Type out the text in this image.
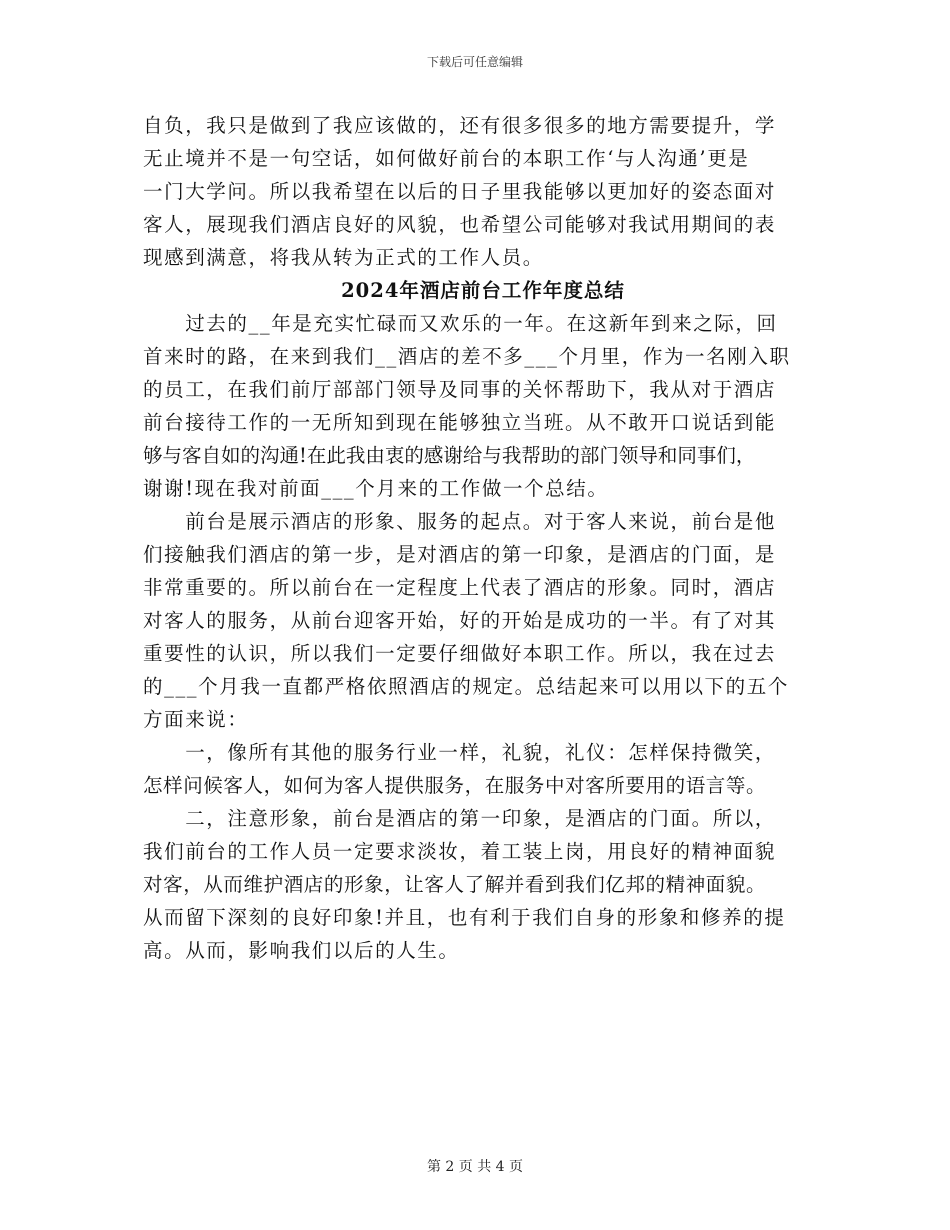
下载后可任意编辑
自负，我只是做到了我应该做的，还有很多很多的地方需要提升，学
无止境并不是一句空话，如何做好前台的本职工作‘与人沟通’更是
一门大学问。所以我希望在以后的日子里我能够以更加好的姿态面对
客人，展现我们酒店良好的风貌，也希望公司能够对我试用期间的表
现感到满意，将我从转为正式的工作人员。
2024年酒店前台工作年度总结
　　过去的__年是充实忙碌而又欢乐的一年。在这新年到来之际，回
首来时的路，在来到我们__酒店的差不多___个月里，作为一名刚入职
的员工，在我们前厅部部门领导及同事的关怀帮助下，我从对于酒店
前台接待工作的一无所知到现在能够独立当班。从不敢开口说话到能
够与客自如的沟通!在此我由衷的感谢给与我帮助的部门领导和同事们，
谢谢!现在我对前面___个月来的工作做一个总结。
　　前台是展示酒店的形象、服务的起点。对于客人来说，前台是他
们接触我们酒店的第一步，是对酒店的第一印象，是酒店的门面，是
非常重要的。所以前台在一定程度上代表了酒店的形象。同时，酒店
对客人的服务，从前台迎客开始，好的开始是成功的一半。有了对其
重要性的认识，所以我们一定要仔细做好本职工作。所以，我在过去
的___个月我一直都严格依照酒店的规定。总结起来可以用以下的五个
方面来说：
　　一，像所有其他的服务行业一样，礼貌，礼仪：怎样保持微笑，
怎样问候客人，如何为客人提供服务，在服务中对客所要用的语言等。
　　二，注意形象，前台是酒店的第一印象，是酒店的门面。所以，
我们前台的工作人员一定要求淡妆，着工装上岗，用良好的精神面貌
对客，从而维护酒店的形象，让客人了解并看到我们亿邦的精神面貌。
从而留下深刻的良好印象!并且，也有利于我们自身的形象和修养的提
高。从而，影响我们以后的人生。
第 2 页 共 4 页
